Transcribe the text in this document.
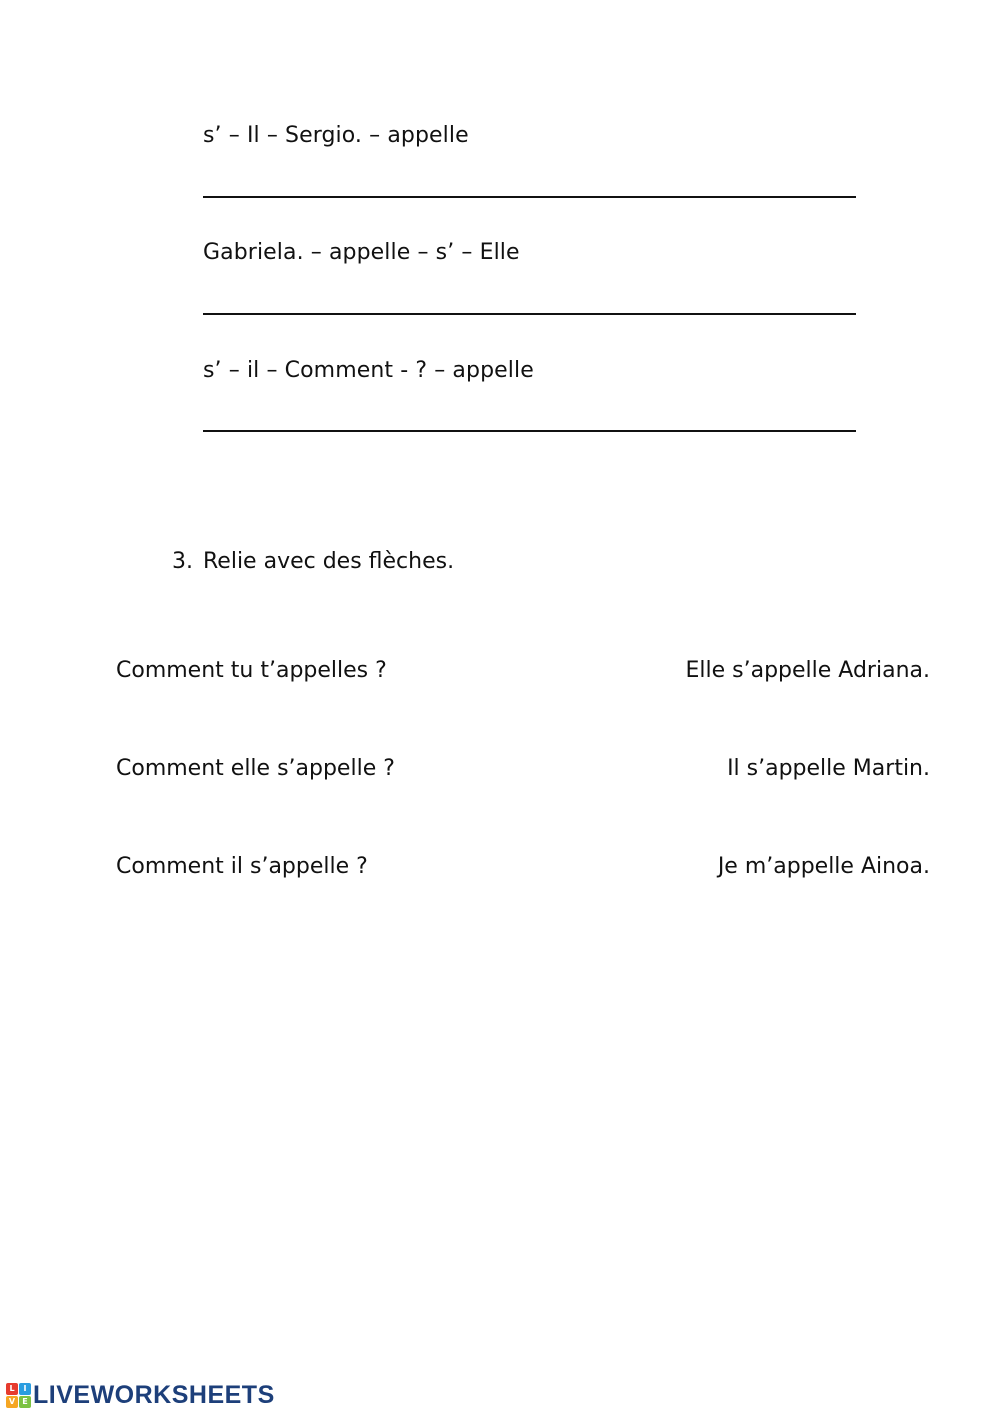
s’ – Il – Sergio. – appelle
Gabriela. – appelle – s’ – Elle
s’ – il – Comment - ? – appelle
3. Relie avec des flèches.
Comment tu t’appelles ?
Comment elle s’appelle ?
Comment il s’appelle ?
Elle s’appelle Adriana.
Il s’appelle Martin.
Je m’appelle Ainoa.
L	I
V E LIVEWORKSHEETS
